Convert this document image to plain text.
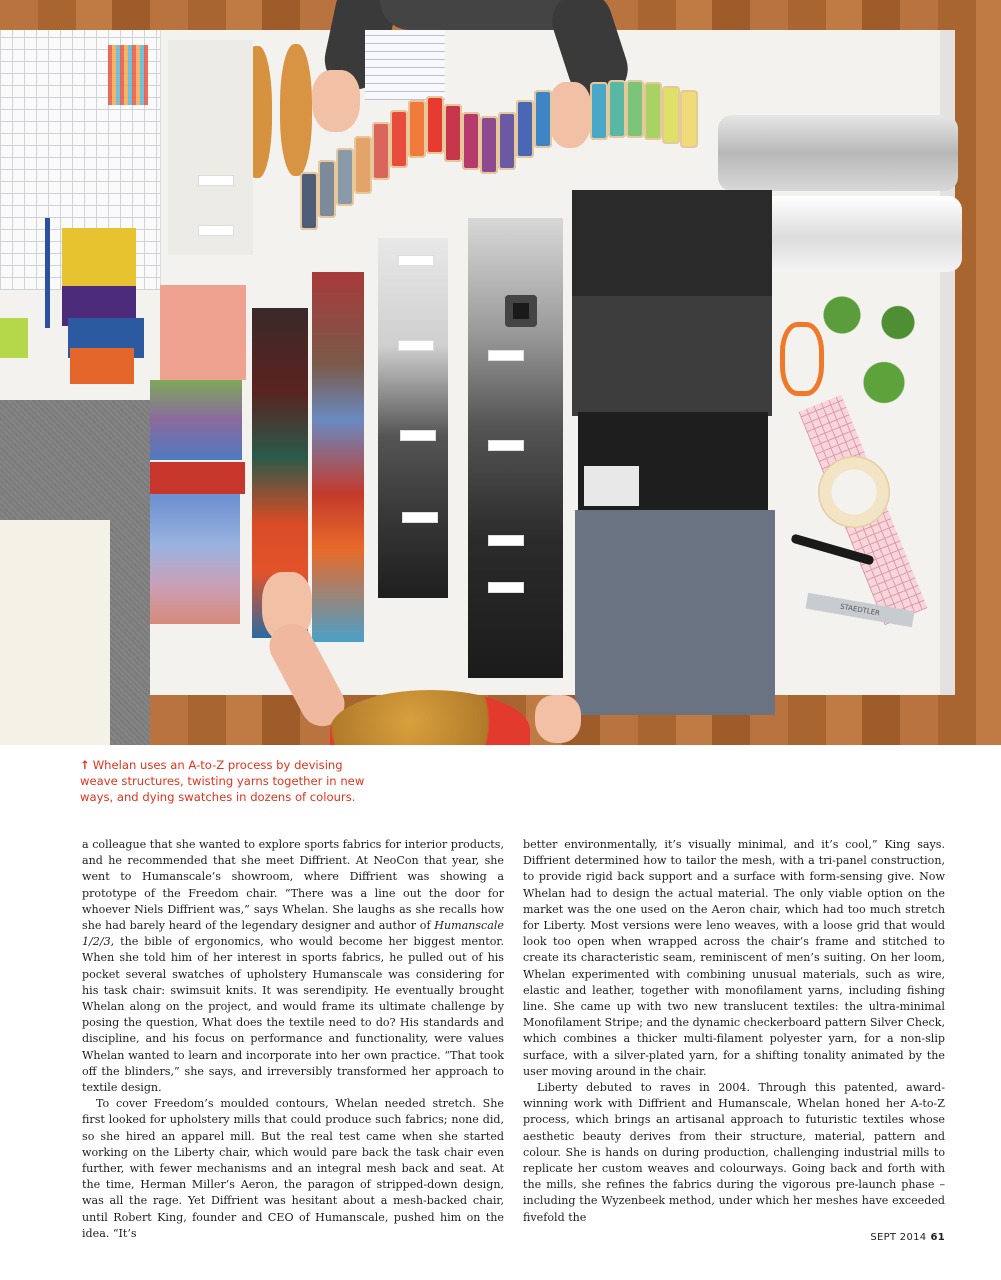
STAEDTLER
↑ Whelan uses an A-to-Z process by devising weave structures, twisting yarns together in new ways, and dying swatches in dozens of colours.

a colleague that she wanted to explore sports fabrics for interior products, and he recommended that she meet Diffrient. At NeoCon that year, she went to Humanscale’s showroom, where Diffrient was showing a prototype of the Freedom chair. “There was a line out the door for whoever Niels Diffrient was,” says Whelan. She laughs as she recalls how she had barely heard of the legendary designer and author of Humanscale 1/2/3, the bible of ergonomics, who would become her biggest mentor. When she told him of her interest in sports fabrics, he pulled out of his pocket several swatches of upholstery Humanscale was considering for his task chair: swimsuit knits. It was serendipity. He eventually brought Whelan along on the project, and would frame its ultimate challenge by posing the question, What does the textile need to do? His standards and discipline, and his focus on performance and functionality, were values Whelan wanted to learn and incorporate into her own practice. “That took off the blinders,” she says, and irreversibly transformed her approach to textile design.

To cover Freedom’s moulded contours, Whelan needed stretch. She first looked for upholstery mills that could produce such fabrics; none did, so she hired an apparel mill. But the real test came when she started working on the Liberty chair, which would pare back the task chair even further, with fewer mechanisms and an integral mesh back and seat. At the time, Herman Miller’s Aeron, the paragon of stripped-down design, was all the rage. Yet Diffrient was hesitant about a mesh-backed chair, until Robert King, founder and CEO of Humanscale, pushed him on the idea. “It’s

better environmentally, it’s visually minimal, and it’s cool,” King says. Diffrient determined how to tailor the mesh, with a tri-panel construction, to provide rigid back support and a surface with form-sensing give. Now Whelan had to design the actual material. The only viable option on the market was the one used on the Aeron chair, which had too much stretch for Liberty. Most versions were leno weaves, with a loose grid that would look too open when wrapped across the chair’s frame and stitched to create its characteristic seam, reminiscent of men’s suiting. On her loom, Whelan experimented with combining unusual materials, such as wire, elastic and leather, together with monofilament yarns, including fishing line. She came up with two new translucent textiles: the ultra-minimal Monofilament Stripe; and the dynamic checkerboard pattern Silver Check, which combines a thicker multi-filament polyester yarn, for a non-slip surface, with a silver-plated yarn, for a shifting tonality animated by the user moving around in the chair.

Liberty debuted to raves in 2004. Through this patented, award-winning work with Diffrient and Humanscale, Whelan honed her A-to-Z process, which brings an artisanal approach to futuristic textiles whose aesthetic beauty derives from their structure, material, pattern and colour. She is hands on during production, challenging industrial mills to replicate her custom weaves and colourways. Going back and forth with the mills, she refines the fabrics during the vigorous pre-launch phase – including the Wyzenbeek method, under which her meshes have exceeded fivefold the

SEPT 2014 61
